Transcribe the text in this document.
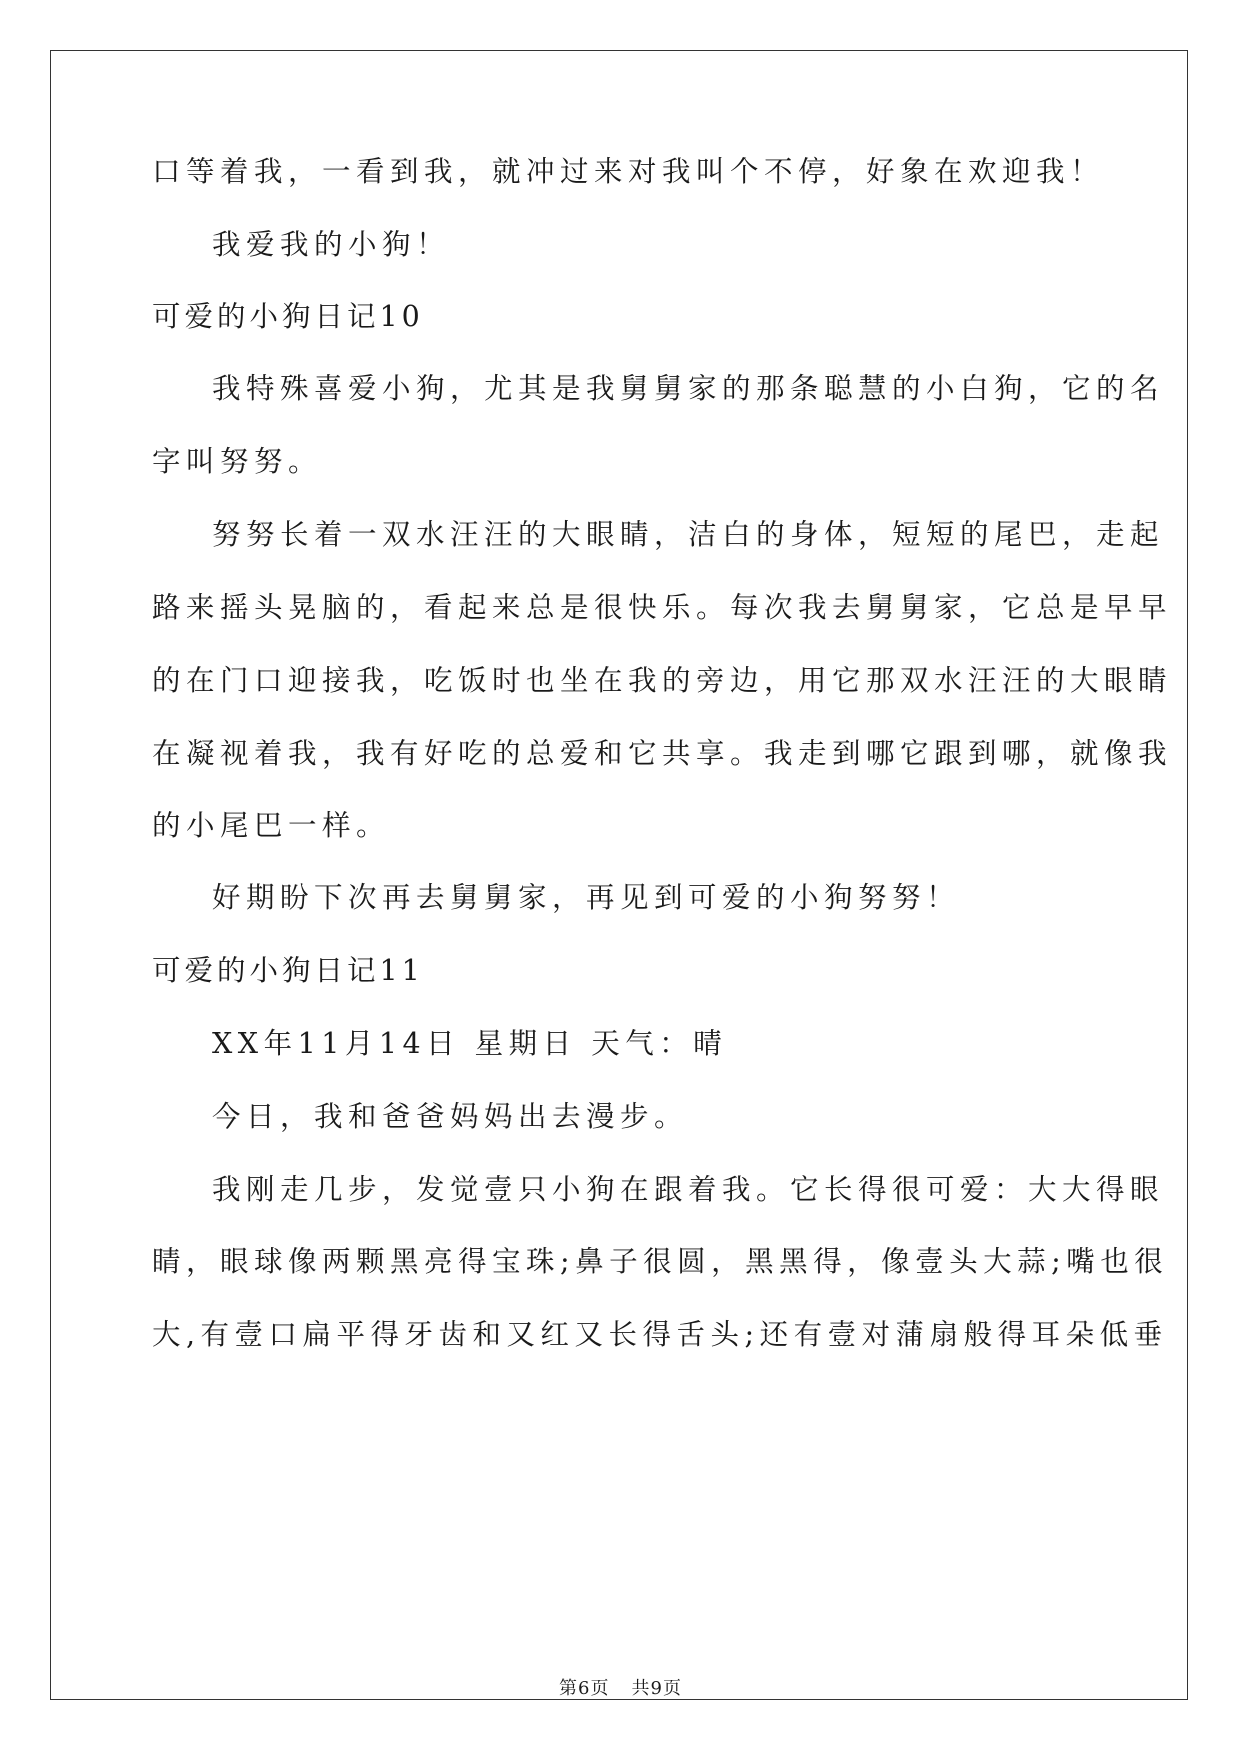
口等着我，一看到我，就冲过来对我叫个不停，好象在欢迎我！
我爱我的小狗！
可爱的小狗日记10
我特殊喜爱小狗，尤其是我舅舅家的那条聪慧的小白狗，它的名
字叫努努。
努努长着一双水汪汪的大眼睛，洁白的身体，短短的尾巴，走起
路来摇头晃脑的，看起来总是很快乐。每次我去舅舅家，它总是早早
的在门口迎接我，吃饭时也坐在我的旁边，用它那双水汪汪的大眼睛
在凝视着我，我有好吃的总爱和它共享。我走到哪它跟到哪，就像我
的小尾巴一样。
好期盼下次再去舅舅家，再见到可爱的小狗努努！
可爱的小狗日记11
XX年11月14日 星期日 天气：晴
今日，我和爸爸妈妈出去漫步。
我刚走几步，发觉壹只小狗在跟着我。它长得很可爱：大大得眼
睛，眼球像两颗黑亮得宝珠;鼻子很圆，黑黑得，像壹头大蒜;嘴也很
大,有壹口扁平得牙齿和又红又长得舌头;还有壹对蒲扇般得耳朵低垂
第6页 共9页
